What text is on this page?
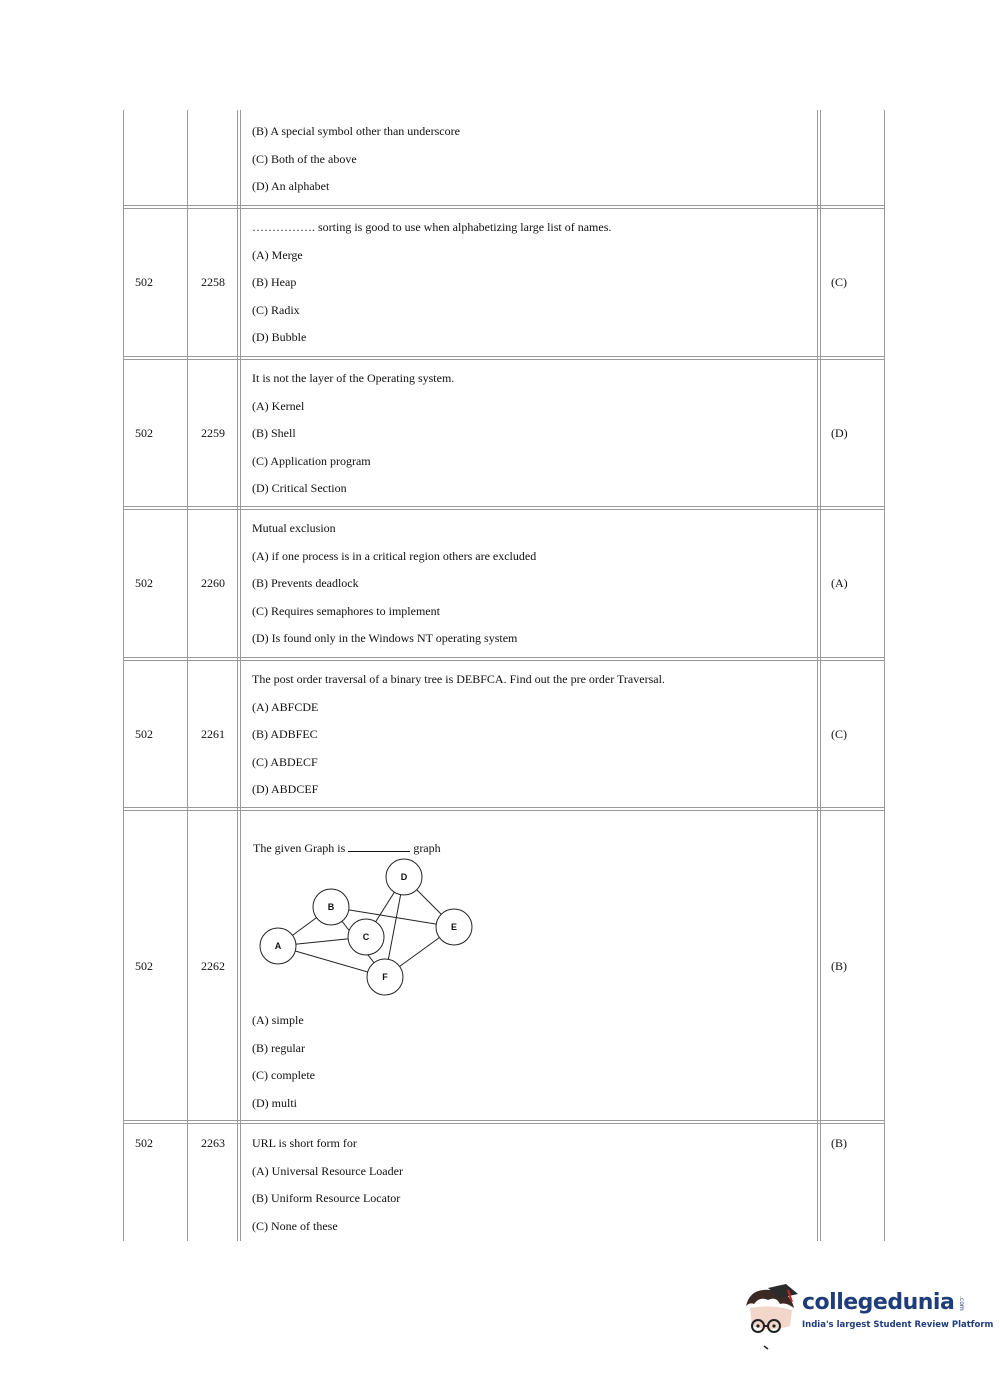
(B) A special symbol other than underscore
(C) Both of the above
(D) An alphabet
502	2258
……………. sorting is good to use when alphabetizing large list of names.
(A) Merge
(B) Heap
(C) Radix
(D) Bubble
(C)
502	2259
It is not the layer of the Operating system.
(A) Kernel
(B) Shell
(C) Application program
(D) Critical Section
(D)
502	2260
Mutual exclusion
(A) if one process is in a critical region others are excluded
(B) Prevents deadlock
(C) Requires semaphores to implement
(D) Is found only in the Windows NT operating system
(A)
502	2261
The post order traversal of a binary tree is DEBFCA. Find out the pre order Traversal.
(A) ABFCDE
(B) ADBFEC
(C) ABDECF
(D) ABDCEF
(C)
502	2262
The given Graph is	graph
A
B
C
D
E
F
(A) simple
(B) regular
(C) complete
(D) multi
(B)
502	2263	URL is short form for
(A) Universal Resource Loader
(B) Uniform Resource Locator
(C) None of these
(B)
collegedunia .com
India's largest Student Review Platform
